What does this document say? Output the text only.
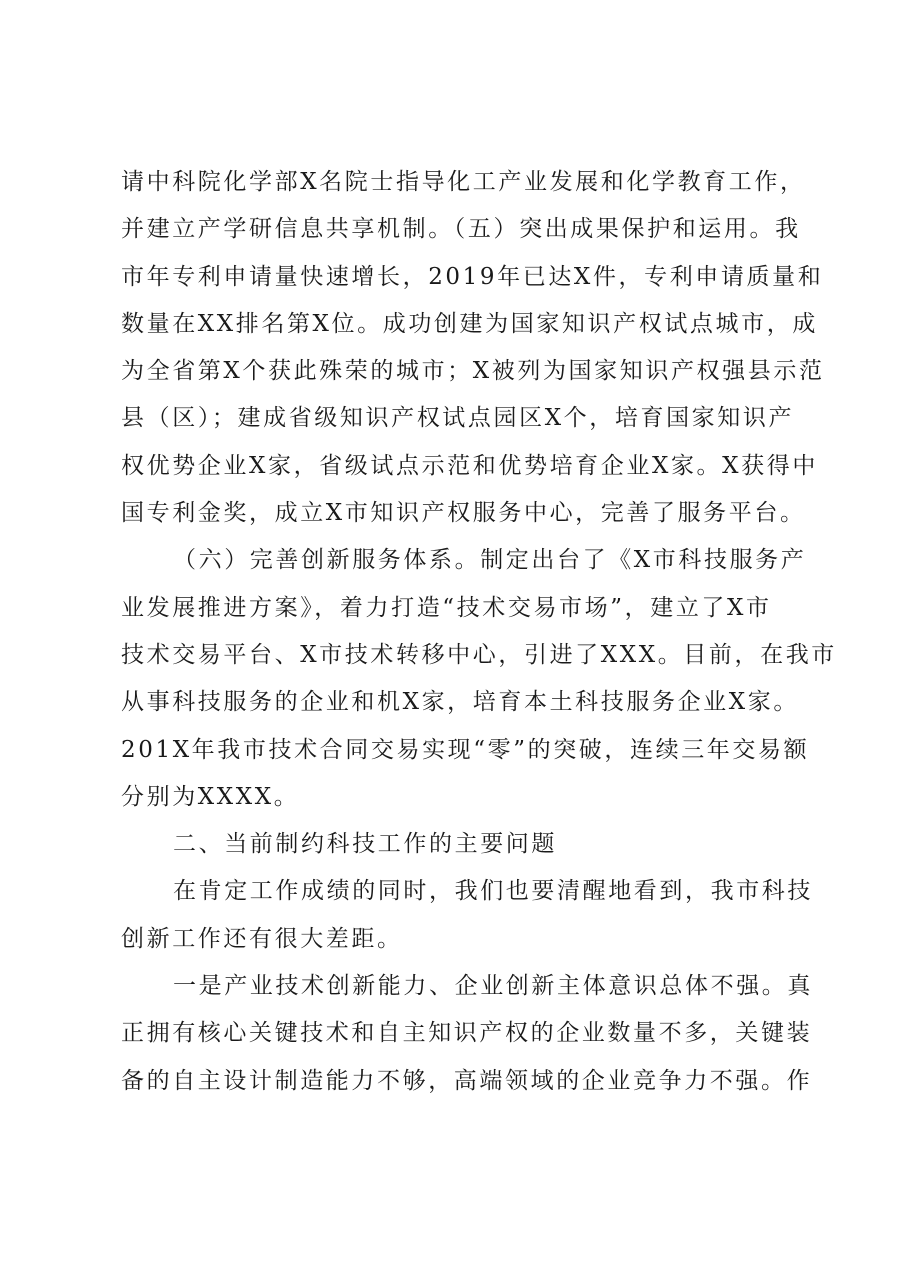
请中科院化学部X名院士指导化工产业发展和化学教育工作，
并建立产学研信息共享机制。（五）突出成果保护和运用。我
市年专利申请量快速增长，2019年已达X件，专利申请质量和
数量在XX排名第X位。成功创建为国家知识产权试点城市，成
为全省第X个获此殊荣的城市；X被列为国家知识产权强县示范
县（区）；建成省级知识产权试点园区X个，培育国家知识产
权优势企业X家，省级试点示范和优势培育企业X家。X获得中
国专利金奖，成立X市知识产权服务中心，完善了服务平台。
（六）完善创新服务体系。制定出台了《X市科技服务产
业发展推进方案》，着力打造“技术交易市场”，建立了X市
技术交易平台、X市技术转移中心，引进了XXX。目前，在我市
从事科技服务的企业和机X家，培育本土科技服务企业X家。
201X年我市技术合同交易实现“零”的突破，连续三年交易额
分别为XXXX。
二、当前制约科技工作的主要问题
在肯定工作成绩的同时，我们也要清醒地看到，我市科技
创新工作还有很大差距。
一是产业技术创新能力、企业创新主体意识总体不强。真
正拥有核心关键技术和自主知识产权的企业数量不多，关键装
备的自主设计制造能力不够，高端领域的企业竞争力不强。作
